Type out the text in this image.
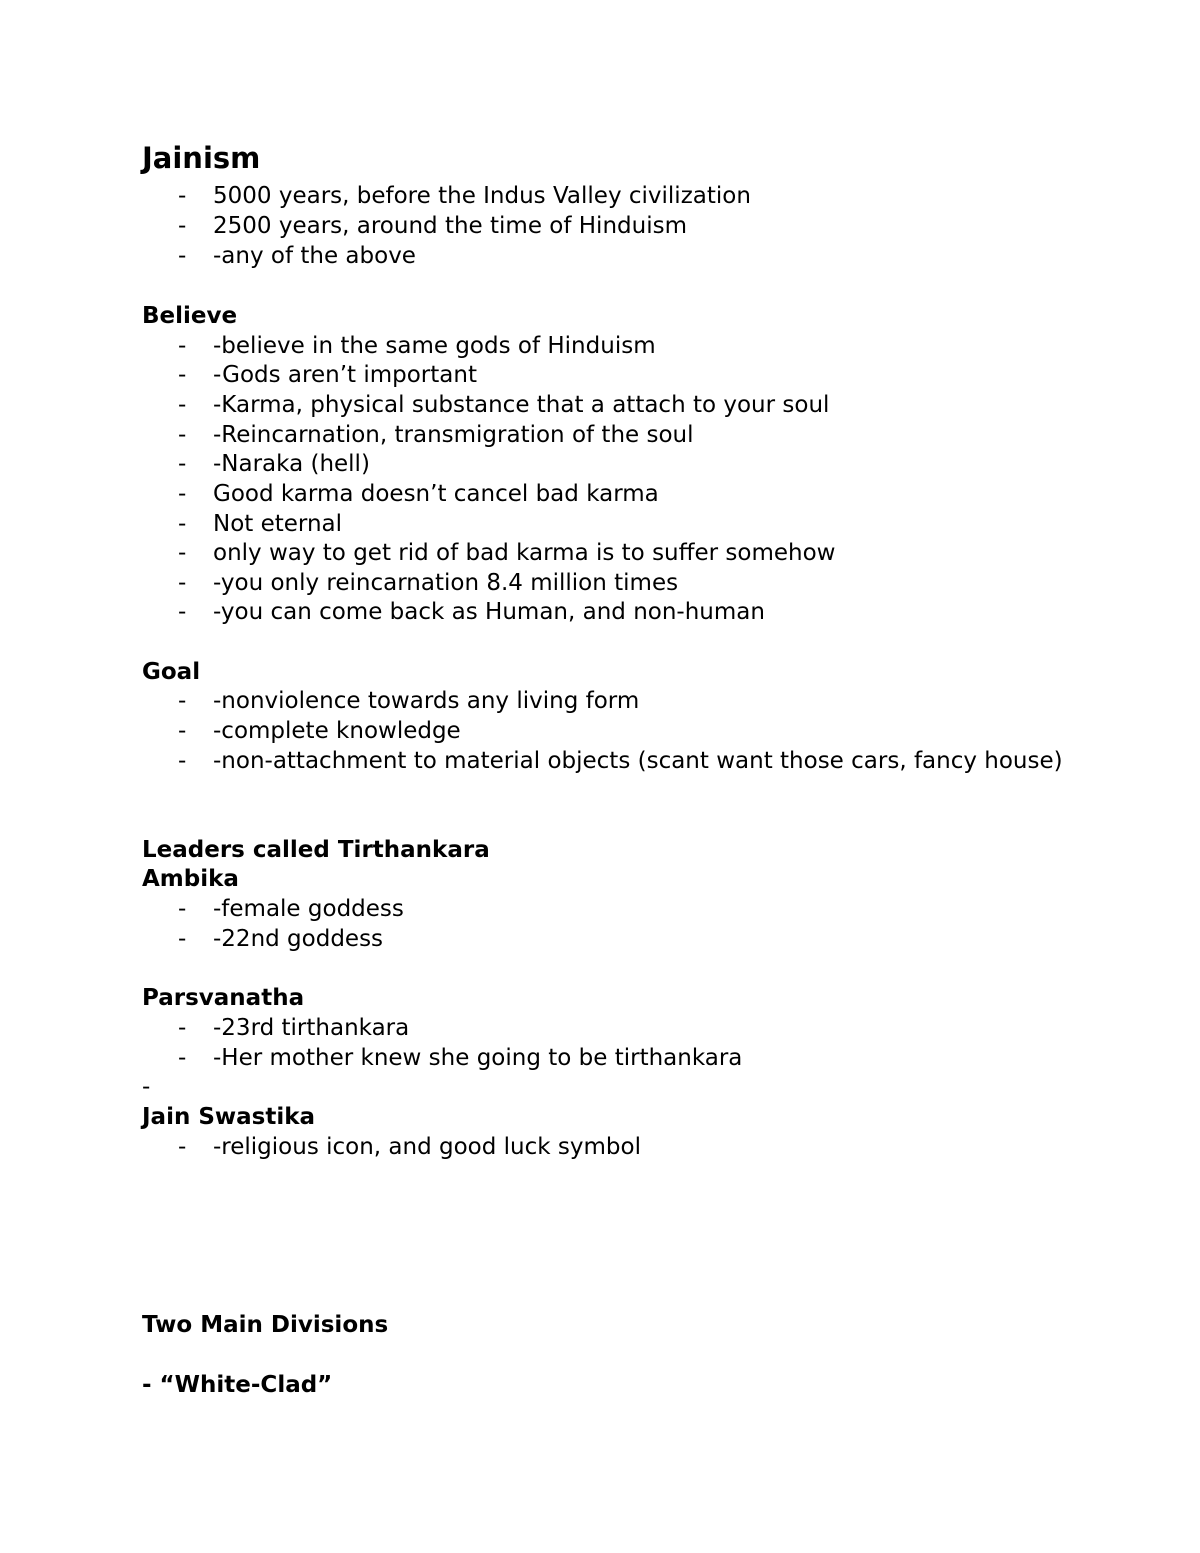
Jainism
- 5000 years, before the Indus Valley civilization
- 2500 years, around the time of Hinduism
- -any of the above
Believe
- -believe in the same gods of Hinduism
- -Gods aren’t important
- -Karma, physical substance that a attach to your soul
- -Reincarnation, transmigration of the soul
- -Naraka (hell)
- Good karma doesn’t cancel bad karma
- Not eternal
- only way to get rid of bad karma is to suffer somehow
- -you only reincarnation 8.4 million times
- -you can come back as Human, and non-human
Goal
- -nonviolence towards any living form
- -complete knowledge
- -non-attachment to material objects (scant want those cars, fancy house)
Leaders called Tirthankara
Ambika
- -female goddess
- -22nd goddess
Parsvanatha
- -23rd tirthankara
- -Her mother knew she going to be tirthankara
-
Jain Swastika
- -religious icon, and good luck symbol
Two Main Divisions
- “White-Clad”
